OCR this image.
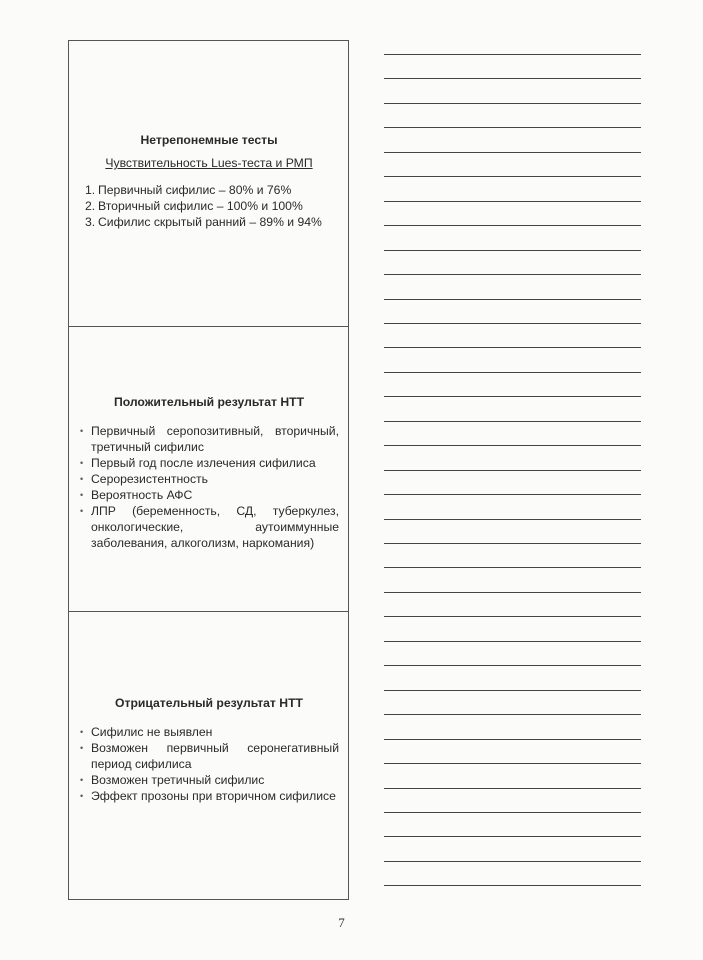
Нетрепонемные тесты
Чувствительность Lues-теста и РМП
1. Первичный сифилис – 80% и 76%
2. Вторичный сифилис – 100% и 100%
3. Сифилис скрытый ранний – 89% и 94%
Положительный результат НТТ
• Первичный серопозитивный, вторичный, третичный сифилис
• Первый год после излечения сифилиса
• Серорезистентность
• Вероятность АФС
• ЛПР (беременность, СД, туберкулез, онкологические, аутоиммунные заболевания, алкоголизм, наркомания)
Отрицательный результат НТТ
• Сифилис не выявлен
• Возможен первичный серонегативный период сифилиса
• Возможен третичный сифилис
• Эффект прозоны при вторичном сифилисе
7
